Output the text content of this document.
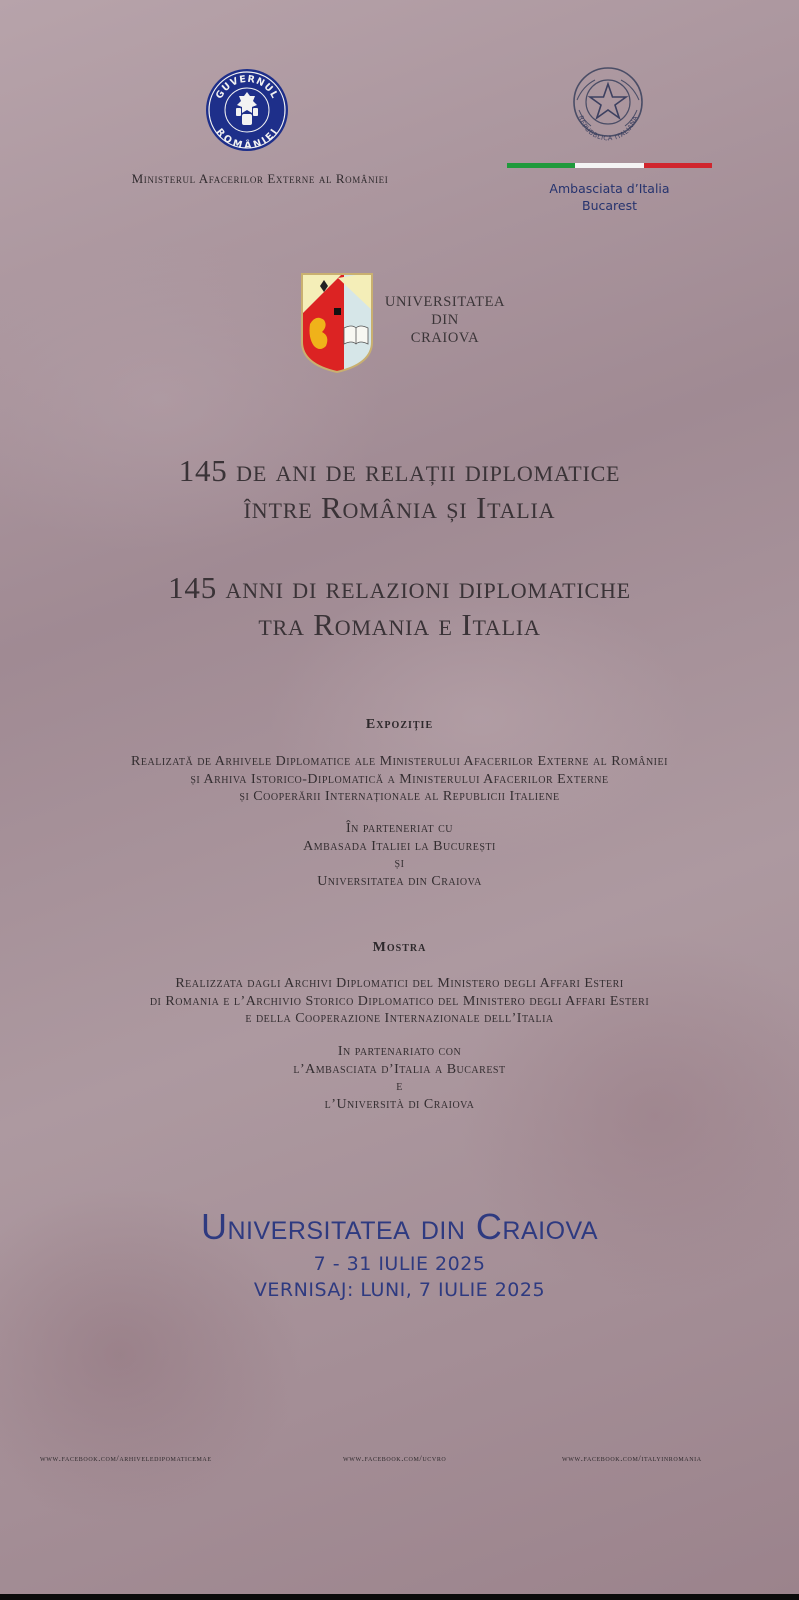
GUVERNUL
ROMÂNIEI
Ministerul Afacerilor Externe al României
REPUBBLICA ITALIANA
Ambasciata d’Italia
Bucarest
UNIVERSITATEA
DIN
CRAIOVA
145 de ani de relații diplomatice
între România și Italia
145 anni di relazioni diplomatiche
tra Romania e Italia
Expoziție
Realizată de Arhivele Diplomatice ale Ministerului Afacerilor Externe al României
și Arhiva Istorico-Diplomatică a Ministerului Afacerilor Externe
și Cooperării Internaționale al Republicii Italiene
În parteneriat cu
Ambasada Italiei la București
și
Universitatea din Craiova
Mostra
Realizzata dagli Archivi Diplomatici del Ministero degli Affari Esteri
di Romania e l’Archivio Storico Diplomatico del Ministero degli Affari Esteri
e della Cooperazione Internazionale dell’Italia
In partenariato con
l’Ambasciata d’Italia a Bucarest
e
l’Università di Craiova
Universitatea din Craiova
7 - 31 IULIE 2025
VERNISAJ: LUNI, 7 IULIE 2025
www.facebook.com/arhiveledipomaticemae	www.facebook.com/ucvro	www.facebook.com/italyinromania
